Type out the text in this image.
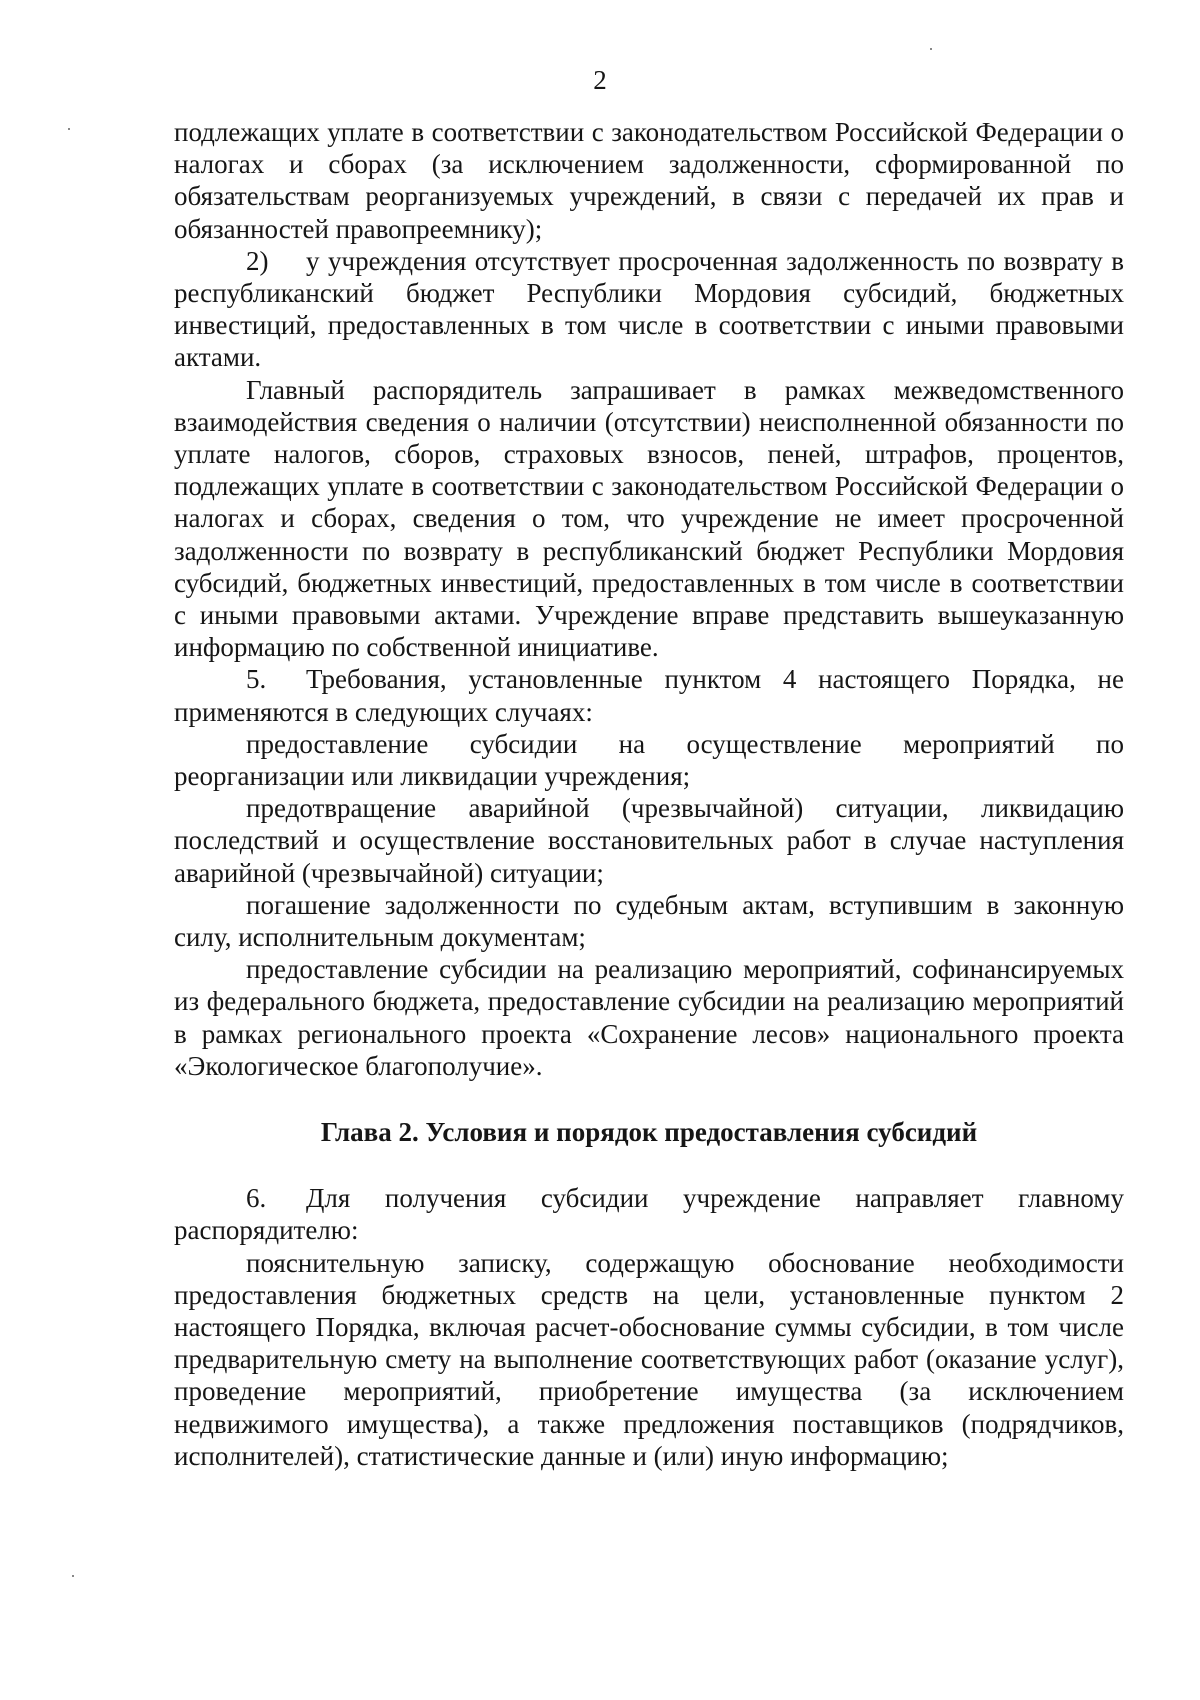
2

подлежащих уплате в соответствии с законодательством Российской Федерации о налогах и сборах (за исключением задолженности, сформированной по обязательствам реорганизуемых учреждений, в связи с передачей их прав и обязанностей правопреемнику);

2) у учреждения отсутствует просроченная задолженность по возврату в республиканский бюджет Республики Мордовия субсидий, бюджетных инвестиций, предоставленных в том числе в соответствии с иными правовыми актами.

Главный распорядитель запрашивает в рамках межведомственного взаимодействия сведения о наличии (отсутствии) неисполненной обязанности по уплате налогов, сборов, страховых взносов, пеней, штрафов, процентов, подлежащих уплате в соответствии с законодательством Российской Федерации о налогах и сборах, сведения о том, что учреждение не имеет просроченной задолженности по возврату в республиканский бюджет Республики Мордовия субсидий, бюджетных инвестиций, предоставленных в том числе в соответствии с иными правовыми актами. Учреждение вправе представить вышеуказанную информацию по собственной инициативе.

5. Требования, установленные пунктом 4 настоящего Порядка, не применяются в следующих случаях:

предоставление субсидии на осуществление мероприятий по реорганизации или ликвидации учреждения;

предотвращение аварийной (чрезвычайной) ситуации, ликвидацию последствий и осуществление восстановительных работ в случае наступления аварийной (чрезвычайной) ситуации;

погашение задолженности по судебным актам, вступившим в законную силу, исполнительным документам;

предоставление субсидии на реализацию мероприятий, софинансируемых из федерального бюджета, предоставление субсидии на реализацию мероприятий в рамках регионального проекта «Сохранение лесов» национального проекта «Экологическое благополучие».

Глава 2. Условия и порядок предоставления субсидий

6. Для получения субсидии учреждение направляет главному распорядителю:

пояснительную записку, содержащую обоснование необходимости предоставления бюджетных средств на цели, установленные пунктом 2 настоящего Порядка, включая расчет-обоснование суммы субсидии, в том числе предварительную смету на выполнение соответствующих работ (оказание услуг), проведение мероприятий, приобретение имущества (за исключением недвижимого имущества), а также предложения поставщиков (подрядчиков, исполнителей), статистические данные и (или) иную информацию;
